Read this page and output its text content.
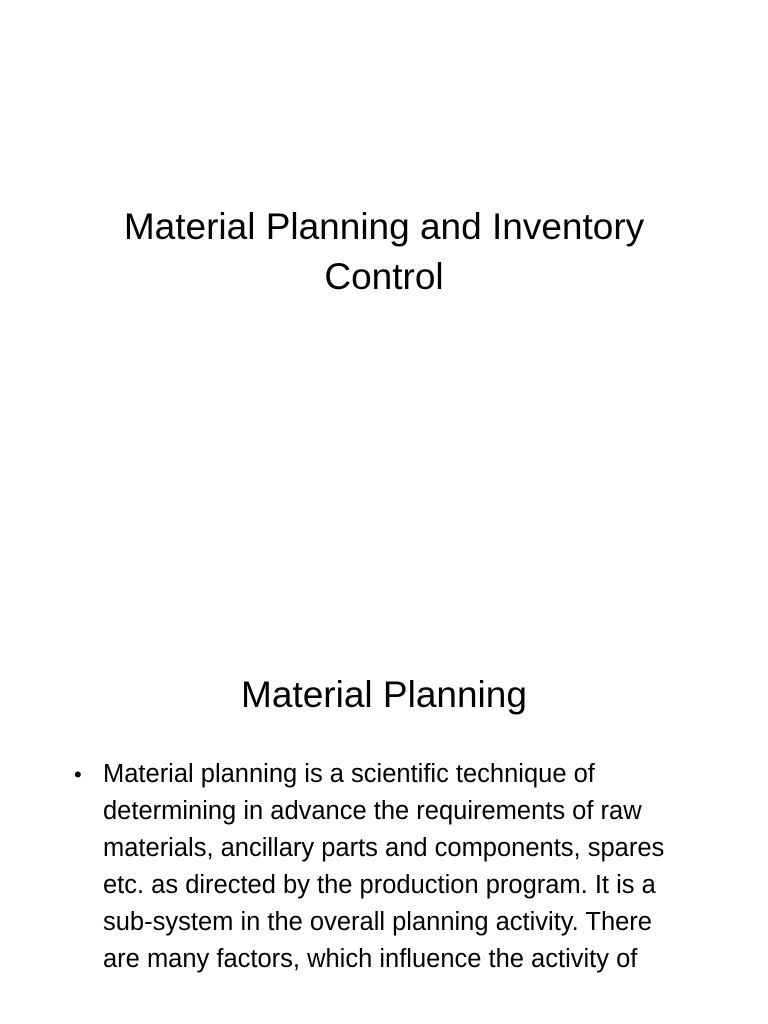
Material Planning and Inventory Control
Material Planning
• Material planning is a scientific technique of determining in advance the requirements of raw materials, ancillary parts and components, spares etc. as directed by the production program. It is a sub-system in the overall planning activity. There are many factors, which influence the activity of
